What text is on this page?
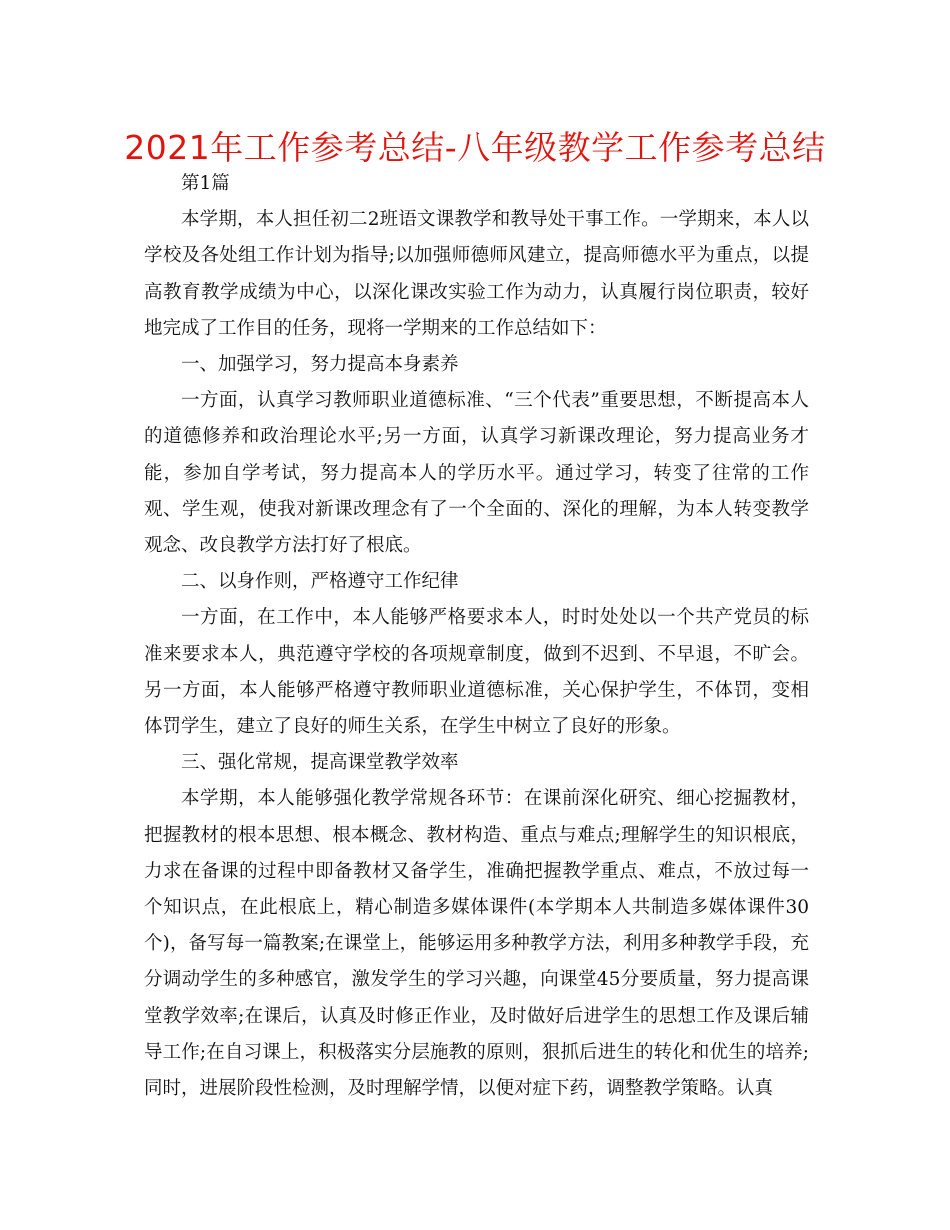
2021年工作参考总结-八年级教学工作参考总结

第1篇

本学期，本人担任初二2班语文课教学和教导处干事工作。一学期来，本人以学校及各处组工作计划为指导;以加强师德师风建立，提高师德水平为重点，以提高教育教学成绩为中心，以深化课改实验工作为动力，认真履行岗位职责，较好地完成了工作目的任务，现将一学期来的工作总结如下：

一、加强学习，努力提高本身素养

一方面，认真学习教师职业道德标准、“三个代表”重要思想，不断提高本人的道德修养和政治理论水平;另一方面，认真学习新课改理论，努力提高业务才能，参加自学考试，努力提高本人的学历水平。通过学习，转变了往常的工作观、学生观，使我对新课改理念有了一个全面的、深化的理解，为本人转变教学观念、改良教学方法打好了根底。

二、以身作则，严格遵守工作纪律

一方面，在工作中，本人能够严格要求本人，时时处处以一个共产党员的标准来要求本人，典范遵守学校的各项规章制度，做到不迟到、不早退，不旷会。另一方面，本人能够严格遵守教师职业道德标准，关心保护学生，不体罚，变相体罚学生，建立了良好的师生关系，在学生中树立了良好的形象。

三、强化常规，提高课堂教学效率

本学期，本人能够强化教学常规各环节：在课前深化研究、细心挖掘教材，把握教材的根本思想、根本概念、教材构造、重点与难点;理解学生的知识根底，力求在备课的过程中即备教材又备学生，准确把握教学重点、难点，不放过每一个知识点，在此根底上，精心制造多媒体课件(本学期本人共制造多媒体课件30个)，备写每一篇教案;在课堂上，能够运用多种教学方法，利用多种教学手段，充分调动学生的多种感官，激发学生的学习兴趣，向课堂45分要质量，努力提高课堂教学效率;在课后，认真及时修正作业，及时做好后进学生的思想工作及课后辅导工作;在自习课上，积极落实分层施教的原则，狠抓后进生的转化和优生的培养;同时，进展阶段性检测，及时理解学情，以便对症下药，调整教学策略。认真
